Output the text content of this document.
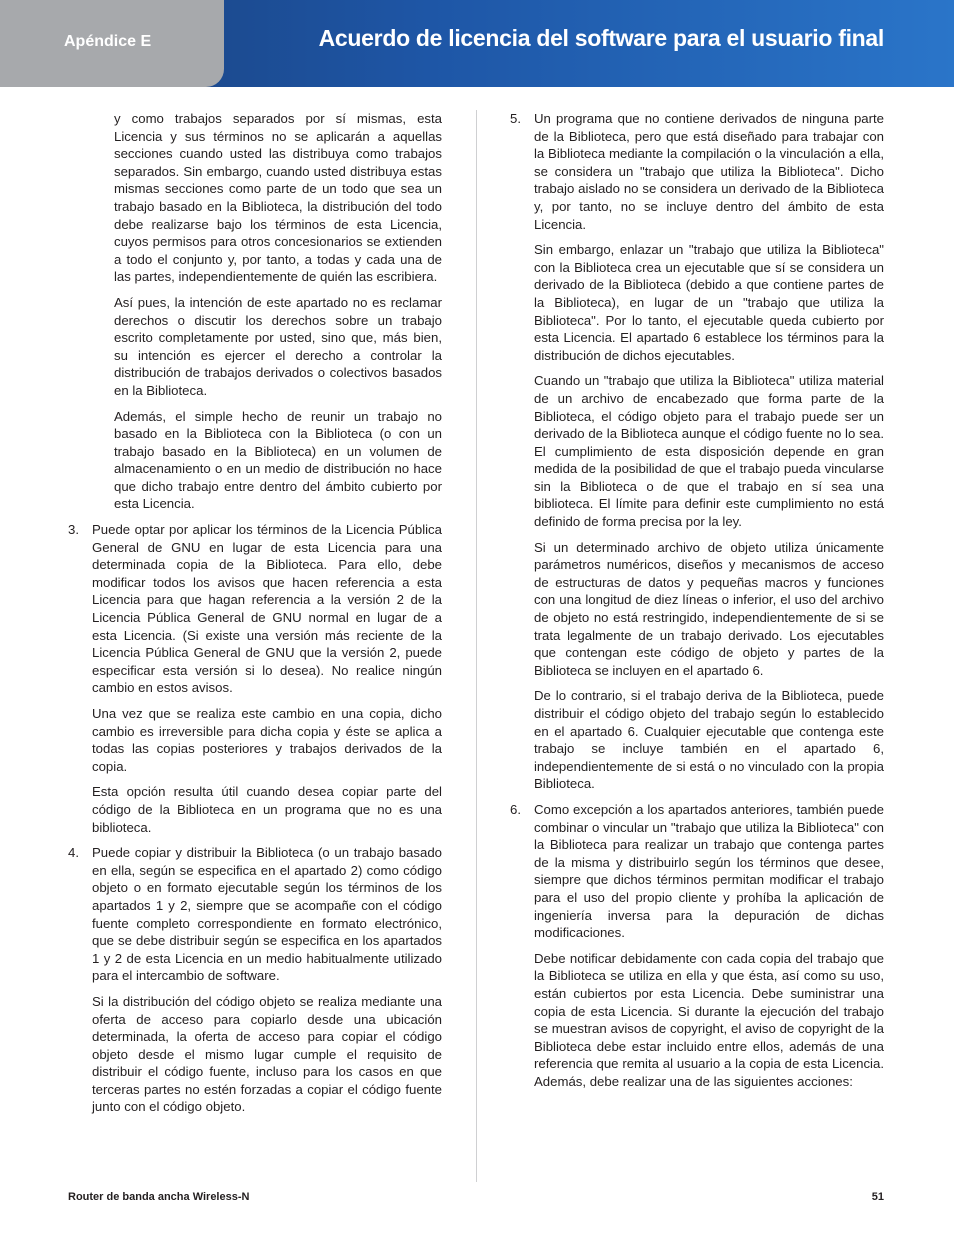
Apéndice E	Acuerdo de licencia del software para el usuario final

y como trabajos separados por sí mismas, esta Licencia y sus términos no se aplicarán a aquellas secciones cuando usted las distribuya como trabajos separados. Sin embargo, cuando usted distribuya estas mismas secciones como parte de un todo que sea un trabajo basado en la Biblioteca, la distribución del todo debe realizarse bajo los términos de esta Licencia, cuyos permisos para otros concesionarios se extienden a todo el conjunto y, por tanto, a todas y cada una de las partes, independientemente de quién las escribiera.

Así pues, la intención de este apartado no es reclamar derechos o discutir los derechos sobre un trabajo escrito completamente por usted, sino que, más bien, su intención es ejercer el derecho a controlar la distribución de trabajos derivados o colectivos basados en la Biblioteca.

Además, el simple hecho de reunir un trabajo no basado en la Biblioteca con la Biblioteca (o con un trabajo basado en la Biblioteca) en un volumen de almacenamiento o en un medio de distribución no hace que dicho trabajo entre dentro del ámbito cubierto por esta Licencia.

3. Puede optar por aplicar los términos de la Licencia Pública General de GNU en lugar de esta Licencia para una determinada copia de la Biblioteca. Para ello, debe modificar todos los avisos que hacen referencia a esta Licencia para que hagan referencia a la versión 2 de la Licencia Pública General de GNU normal en lugar de a esta Licencia. (Si existe una versión más reciente de la Licencia Pública General de GNU que la versión 2, puede especificar esta versión si lo desea). No realice ningún cambio en estos avisos.

Una vez que se realiza este cambio en una copia, dicho cambio es irreversible para dicha copia y éste se aplica a todas las copias posteriores y trabajos derivados de la copia.

Esta opción resulta útil cuando desea copiar parte del código de la Biblioteca en un programa que no es una biblioteca.

4. Puede copiar y distribuir la Biblioteca (o un trabajo basado en ella, según se especifica en el apartado 2) como código objeto o en formato ejecutable según los términos de los apartados 1 y 2, siempre que se acompañe con el código fuente completo correspondiente en formato electrónico, que se debe distribuir según se especifica en los apartados 1 y 2 de esta Licencia en un medio habitualmente utilizado para el intercambio de software.

Si la distribución del código objeto se realiza mediante una oferta de acceso para copiarlo desde una ubicación determinada, la oferta de acceso para copiar el código objeto desde el mismo lugar cumple el requisito de distribuir el código fuente, incluso para los casos en que terceras partes no estén forzadas a copiar el código fuente junto con el código objeto.

5. Un programa que no contiene derivados de ninguna parte de la Biblioteca, pero que está diseñado para trabajar con la Biblioteca mediante la compilación o la vinculación a ella, se considera un "trabajo que utiliza la Biblioteca". Dicho trabajo aislado no se considera un derivado de la Biblioteca y, por tanto, no se incluye dentro del ámbito de esta Licencia.

Sin embargo, enlazar un "trabajo que utiliza la Biblioteca" con la Biblioteca crea un ejecutable que sí se considera un derivado de la Biblioteca (debido a que contiene partes de la Biblioteca), en lugar de un "trabajo que utiliza la Biblioteca". Por lo tanto, el ejecutable queda cubierto por esta Licencia. El apartado 6 establece los términos para la distribución de dichos ejecutables.

Cuando un "trabajo que utiliza la Biblioteca" utiliza material de un archivo de encabezado que forma parte de la Biblioteca, el código objeto para el trabajo puede ser un derivado de la Biblioteca aunque el código fuente no lo sea. El cumplimiento de esta disposición depende en gran medida de la posibilidad de que el trabajo pueda vincularse sin la Biblioteca o de que el trabajo en sí sea una biblioteca. El límite para definir este cumplimiento no está definido de forma precisa por la ley.

Si un determinado archivo de objeto utiliza únicamente parámetros numéricos, diseños y mecanismos de acceso de estructuras de datos y pequeñas macros y funciones con una longitud de diez líneas o inferior, el uso del archivo de objeto no está restringido, independientemente de si se trata legalmente de un trabajo derivado. Los ejecutables que contengan este código de objeto y partes de la Biblioteca se incluyen en el apartado 6.

De lo contrario, si el trabajo deriva de la Biblioteca, puede distribuir el código objeto del trabajo según lo establecido en el apartado 6. Cualquier ejecutable que contenga este trabajo se incluye también en el apartado 6, independientemente de si está o no vinculado con la propia Biblioteca.

6. Como excepción a los apartados anteriores, también puede combinar o vincular un "trabajo que utiliza la Biblioteca" con la Biblioteca para realizar un trabajo que contenga partes de la misma y distribuirlo según los términos que desee, siempre que dichos términos permitan modificar el trabajo para el uso del propio cliente y prohíba la aplicación de ingeniería inversa para la depuración de dichas modificaciones.

Debe notificar debidamente con cada copia del trabajo que la Biblioteca se utiliza en ella y que ésta, así como su uso, están cubiertos por esta Licencia. Debe suministrar una copia de esta Licencia. Si durante la ejecución del trabajo se muestran avisos de copyright, el aviso de copyright de la Biblioteca debe estar incluido entre ellos, además de una referencia que remita al usuario a la copia de esta Licencia. Además, debe realizar una de las siguientes acciones:

Router de banda ancha Wireless-N	51
